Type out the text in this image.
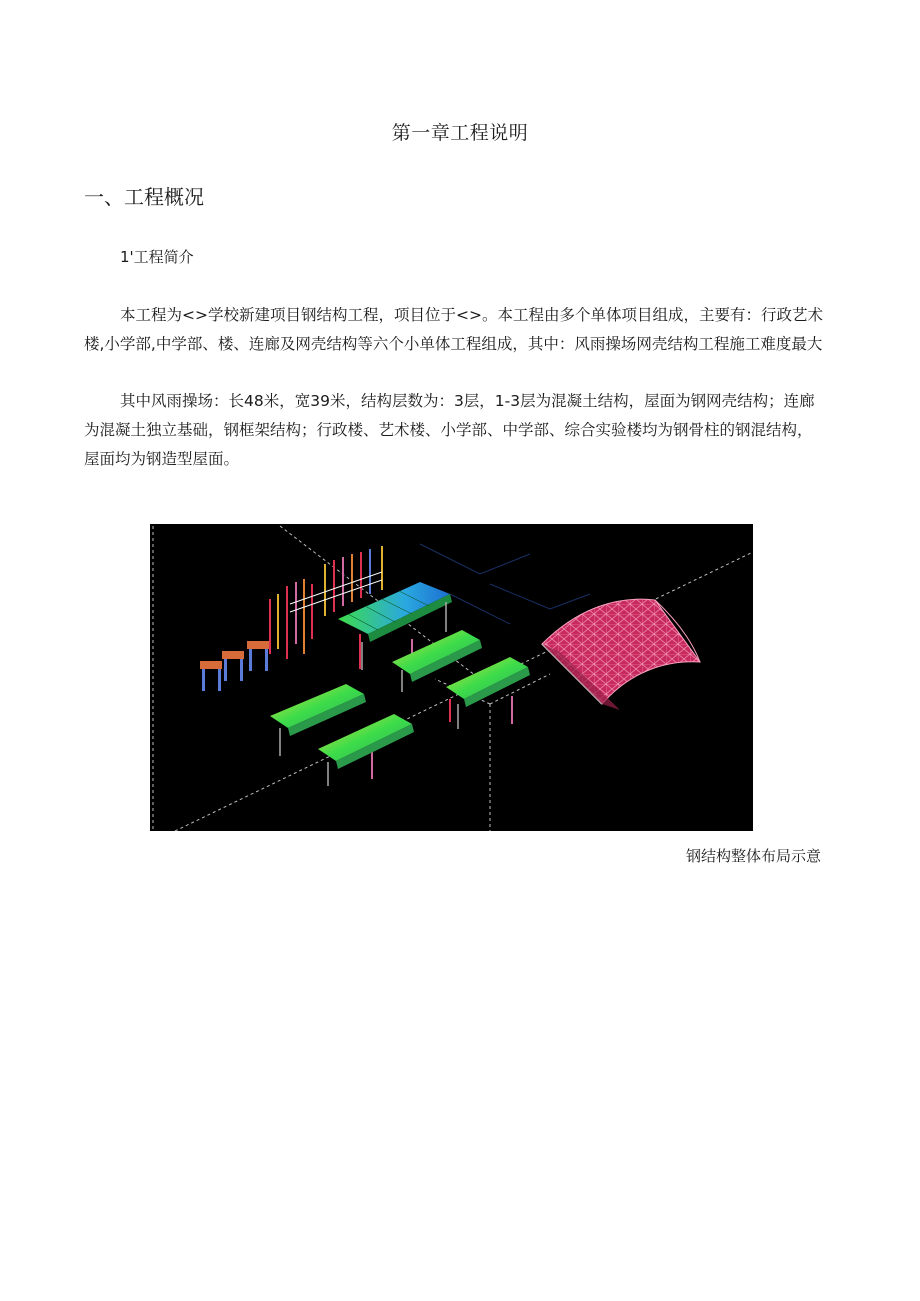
第一章工程说明
一、工程概况
1'工程简介
本工程为<>学校新建项目钢结构工程，项目位于<>。本工程由多个单体项目组成，主要有：行政艺术
楼,小学部,中学部、楼、连廊及网壳结构等六个小单体工程组成，其中：风雨操场网壳结构工程施工难度最大
其中风雨操场：长48米，宽39米，结构层数为：3层，1-3层为混凝土结构，屋面为钢网壳结构；连廊
为混凝土独立基础，钢框架结构；行政楼、艺术楼、小学部、中学部、综合实验楼均为钢骨柱的钢混结构，
屋面均为钢造型屋面。
钢结构整体布局示意
